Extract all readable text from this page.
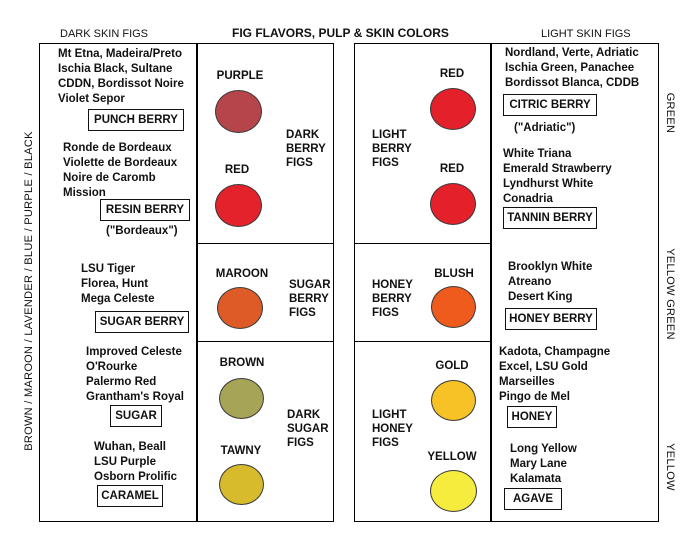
DARK SKIN FIGS	FIG FLAVORS, PULP & SKIN COLORS	LIGHT SKIN FIGS
BROWN / MAROON / LAVENDER / BLUE / PURPLE / BLACK
GREEN
YELLOW GREEN
YELLOW
Mt Etna, Madeira/Preto
Ischia Black, Sultane
CDDN, Bordissot Noire
Violet Sepor
PUNCH BERRY
Ronde de Bordeaux
Violette de Bordeaux
Noire de Caromb
Mission
RESIN BERRY
("Bordeaux")
LSU Tiger
Florea, Hunt
Mega Celeste
SUGAR BERRY
Improved Celeste
O'Rourke
Palermo Red
Grantham's Royal
SUGAR
Wuhan, Beall
LSU Purple
Osborn Prolific
CARAMEL
PURPLE
RED
DARK
BERRY
FIGS
MAROON
SUGAR
BERRY
FIGS
BROWN
TAWNY
DARK
SUGAR
FIGS
LIGHT
BERRY
FIGS
RED
RED
HONEY
BERRY
FIGS
BLUSH
LIGHT
HONEY
FIGS
GOLD
YELLOW
Nordland, Verte, Adriatic
Ischia Green, Panachee
Bordissot Blanca, CDDB
CITRIC BERRY
("Adriatic")
White Triana
Emerald Strawberry
Lyndhurst White
Conadria
TANNIN BERRY
Brooklyn White
Atreano
Desert King
HONEY BERRY
Kadota, Champagne
Excel, LSU Gold
Marseilles
Pingo de Mel
HONEY
Long Yellow
Mary Lane
Kalamata
AGAVE
